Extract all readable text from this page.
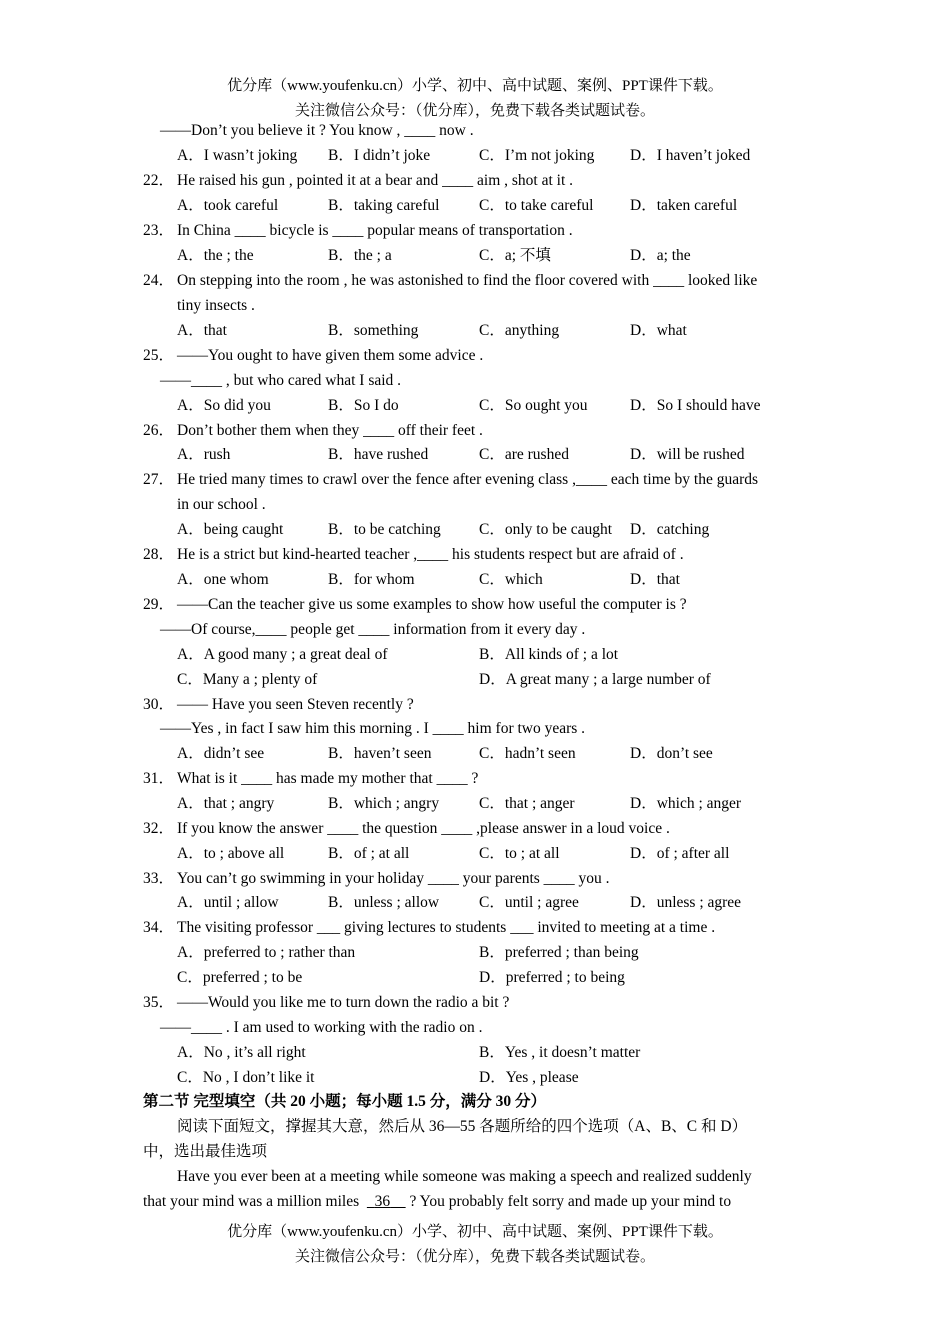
优分库（www.youfenku.cn）小学、初中、高中试题、案例、PPT课件下载。
关注微信公众号：（优分库），免费下载各类试题试卷。
——Don’t you believe it ? You know , ____ now .
A．I wasn’t joking B．I didn’t joke	C．I’m not joking D．I haven’t joked
22． He raised his gun , pointed it at a bear and ____ aim , shot at it .
A．took careful	B．taking careful	C．to take careful D．taken careful
23． In China ____ bicycle is ____ popular means of transportation .
A．the ; the	B．the ; a	C．a; 不填	D．a; the
24． On stepping into the room , he was astonished to find the floor covered with ____ looked like
tiny insects .
A．that	B．something	C．anything	D．what
25． ——You ought to have given them some advice .
——____ , but who cared what I said .
A．So did you	B．So I do	C．So ought you	D．So I should have
26． Don’t bother them when they ____ off their feet .
A．rush	B．have rushed	C．are rushed	D．will be rushed
27． He tried many times to crawl over the fence after evening class ,____ each time by the guards
in our school .
A．being caught	B．to be catching C．only to be caught D．catching
28． He is a strict but kind-hearted teacher ,____ his students respect but are afraid of .
A．one whom	B．for whom	C．which	D．that
29． ——Can the teacher give us some examples to show how useful the computer is ?
——Of course,____ people get ____ information from it every day .
A．A good many ; a great deal of	B．All kinds of ; a lot
C．Many a ; plenty of	D．A great many ; a large number of
30． —— Have you seen Steven recently ?
——Yes , in fact I saw him this morning . I ____ him for two years .
A．didn’t see	B．haven’t seen	C．hadn’t seen	D．don’t see
31． What is it ____ has made my mother that ____ ?
A．that ; angry	B．which ; angry	C．that ; anger	D．which ; anger
32． If you know the answer ____ the question ____ ,please answer in a loud voice .
A．to ; above all	B．of ; at all	C．to ; at all	D．of ; after all
33． You can’t go swimming in your holiday ____ your parents ____ you .
A．until ; allow	B．unless ; allow	C．until ; agree	D．unless ; agree
34． The visiting professor ___ giving lectures to students ___ invited to meeting at a time .
A．preferred to ; rather than	B．preferred ; than being
C．preferred ; to be	D．preferred ; to being
35． ——Would you like me to turn down the radio a bit ?
——____ . I am used to working with the radio on .
A．No , it’s all right	B．Yes , it doesn’t matter
C．No , I don’t like it	D．Yes , please
第二节 完型填空（共 20 小题；每小题 1.5 分，满分 30 分）
阅读下面短文，撑握其大意，然后从 36—55 各题所给的四个选项（A、B、C 和 D）
中，选出最佳选项
Have you ever been at a meeting while someone was making a speech and realized suddenly
that your mind was a million miles 36 ? You probably felt sorry and made up your mind to
优分库（www.youfenku.cn）小学、初中、高中试题、案例、PPT课件下载。
关注微信公众号：（优分库），免费下载各类试题试卷。
